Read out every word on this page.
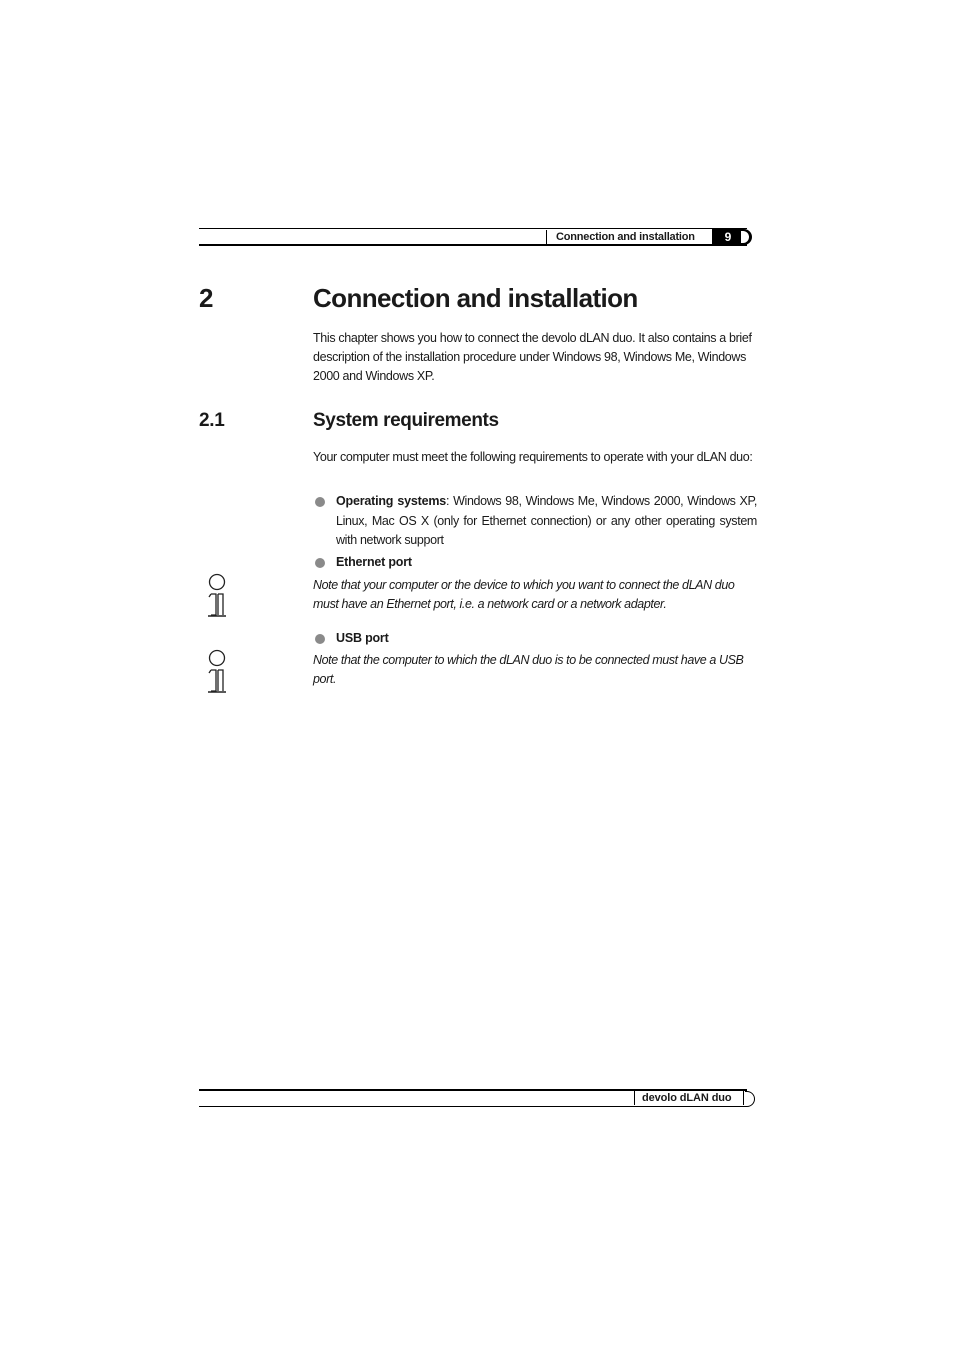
Connection and installation	9
2	Connection and installation

This chapter shows you how to connect the devolo dLAN duo. It also contains a brief description of the installation procedure under Windows 98, Windows Me, Windows 2000 and Windows XP.

2.1	System requirements

Your computer must meet the following requirements to operate with your dLAN duo:

Operating systems: Windows 98, Windows Me, Windows 2000, Windows XP, Linux, Mac OS X (only for Ethernet connection) or any other operating system with network support
Ethernet port

Note that your computer or the device to which you want to connect the dLAN duo must have an Ethernet port, i.e. a network card or a network adapter.

USB port

Note that the computer to which the dLAN duo is to be connected must have a USB port.

devolo dLAN duo
